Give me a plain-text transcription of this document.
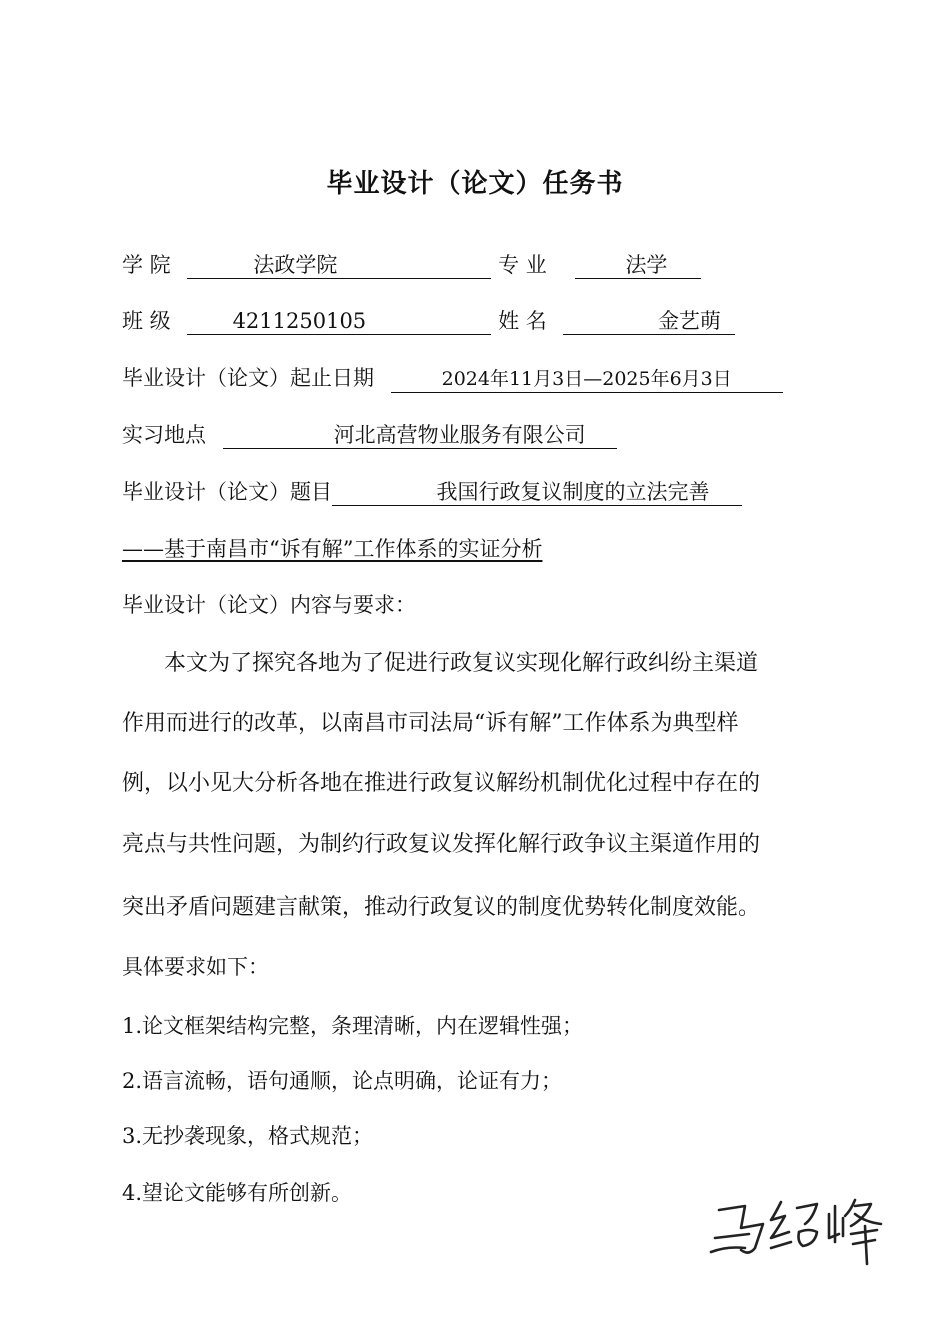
毕业设计（论文）任务书
学 院	法政学院	专 业	法学
班 级	4211250105	姓 名	金艺萌
毕业设计（论文）起止日期	2024年11月3日—2025年6月3日
实习地点	河北高营物业服务有限公司
毕业设计（论文）题目	我国行政复议制度的立法完善
——基于南昌市“诉有解”工作体系的实证分析
毕业设计（论文）内容与要求：
本文为了探究各地为了促进行政复议实现化解行政纠纷主渠道
作用而进行的改革，以南昌市司法局“诉有解”工作体系为典型样
例，以小见大分析各地在推进行政复议解纷机制优化过程中存在的
亮点与共性问题，为制约行政复议发挥化解行政争议主渠道作用的
突出矛盾问题建言献策，推动行政复议的制度优势转化制度效能。
具体要求如下：
1.论文框架结构完整，条理清晰，内在逻辑性强；
2.语言流畅，语句通顺，论点明确，论证有力；
3.无抄袭现象，格式规范；
4.望论文能够有所创新。
